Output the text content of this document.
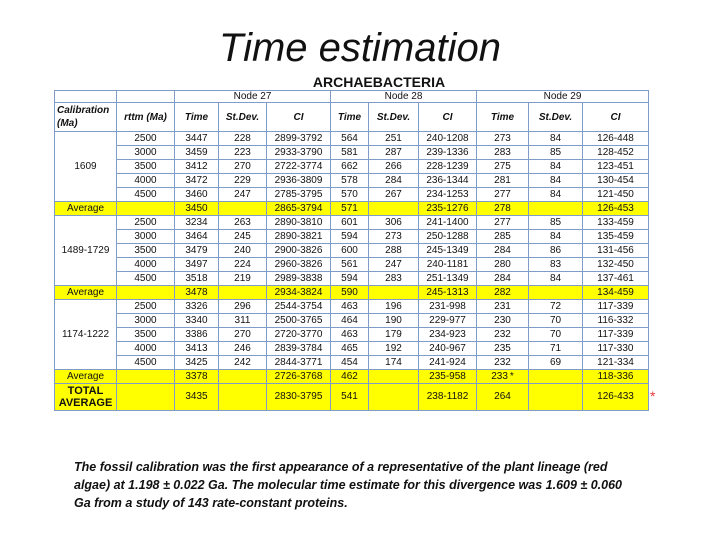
Time estimation
ARCHAEBACTERIA
		Node 27			Node 28			Node 29		
Calibration (Ma)	rttm (Ma)	Time	St.Dev.	CI	Time	St.Dev.	CI	Time	St.Dev.	CI
1609	2500	3447	228	2899-3792	564	251	240-1208	273	84	126-448
	3000	3459	223	2933-3790	581	287	239-1336	283	85	128-452
	3500	3412	270	2722-3774	662	266	228-1239	275	84	123-451
	4000	3472	229	2936-3809	578	284	236-1344	281	84	130-454
	4500	3460	247	2785-3795	570	267	234-1253	277	84	121-450
Average		3450		2865-3794	571		235-1276	278		126-453
1489-1729	2500	3234	263	2890-3810	601	306	241-1400	277	85	133-459
	3000	3464	245	2890-3821	594	273	250-1288	285	84	135-459
	3500	3479	240	2900-3826	600	288	245-1349	284	86	131-456
	4000	3497	224	2960-3826	561	247	240-1181	280	83	132-450
	4500	3518	219	2989-3838	594	283	251-1349	284	84	137-461
Average		3478		2934-3824	590		245-1313	282		134-459
1174-1222	2500	3326	296	2544-3754	463	196	231-998	231	72	117-339
	3000	3340	311	2500-3765	464	190	229-977	230	70	116-332
	3500	3386	270	2720-3770	463	179	234-923	232	70	117-339
	4000	3413	246	2839-3784	465	192	240-967	235	71	117-330
	4500	3425	242	2844-3771	454	174	241-924	232	69	121-334
Average		3378		2726-3768	462		235-958	233 *		118-336
TOTAL AVERAGE		3435		2830-3795	541		238-1182	264		126-433 *
The fossil calibration was the first appearance of a representative of the plant lineage (red algae) at 1.198 ± 0.022 Ga. The molecular time estimate for this divergence was 1.609 ± 0.060 Ga from a study of 143 rate-constant proteins.
